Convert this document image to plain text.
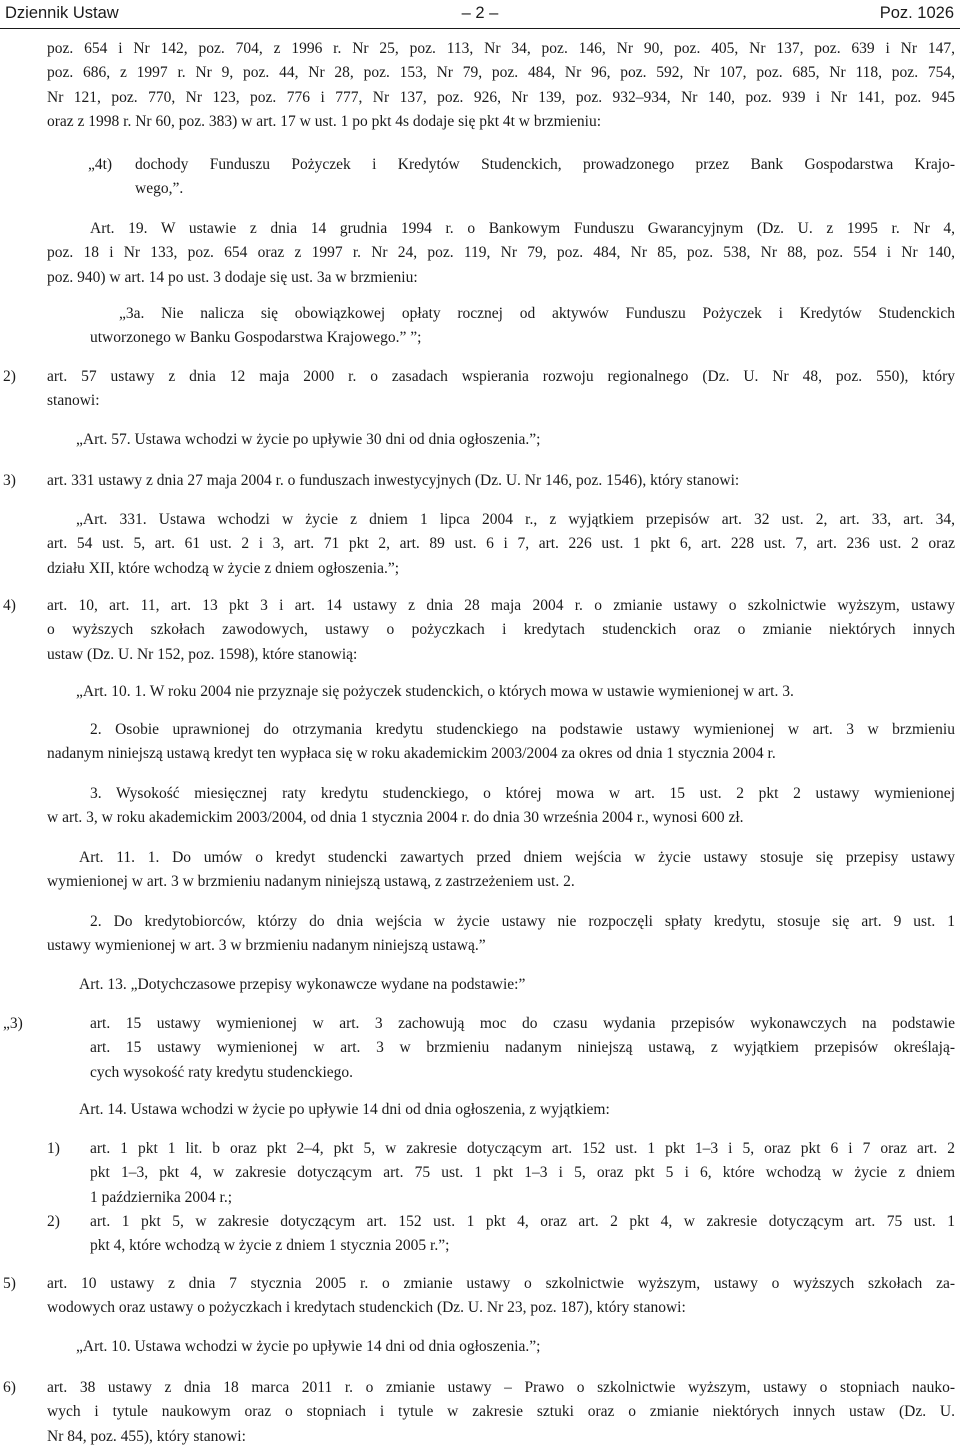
Dziennik Ustaw	– 2 –	Poz. 1026
poz. 654 i Nr 142, poz. 704, z 1996 r. Nr 25, poz. 113, Nr 34, poz. 146, Nr 90, poz. 405, Nr 137, poz. 639 i Nr 147,
poz. 686, z 1997 r. Nr 9, poz. 44, Nr 28, poz. 153, Nr 79, poz. 484, Nr 96, poz. 592, Nr 107, poz. 685, Nr 118, poz. 754,
Nr 121, poz. 770, Nr 123, poz. 776 i 777, Nr 137, poz. 926, Nr 139, poz. 932–934, Nr 140, poz. 939 i Nr 141, poz. 945
oraz z 1998 r. Nr 60, poz. 383) w art. 17 w ust. 1 po pkt 4s dodaje się pkt 4t w brzmieniu:
„4t) dochody Funduszu Pożyczek i Kredytów Studenckich, prowadzonego przez Bank Gospodarstwa Krajo-
wego,”.
Art. 19. W ustawie z dnia 14 grudnia 1994 r. o Bankowym Funduszu Gwarancyjnym (Dz. U. z 1995 r. Nr 4,
poz. 18 i Nr 133, poz. 654 oraz z 1997 r. Nr 24, poz. 119, Nr 79, poz. 484, Nr 85, poz. 538, Nr 88, poz. 554 i Nr 140,
poz. 940) w art. 14 po ust. 3 dodaje się ust. 3a w brzmieniu:
„3a. Nie nalicza się obowiązkowej opłaty rocznej od aktywów Funduszu Pożyczek i Kredytów Studenckich
utworzonego w Banku Gospodarstwa Krajowego.” ”;
2) art. 57 ustawy z dnia 12 maja 2000 r. o zasadach wspierania rozwoju regionalnego (Dz. U. Nr 48, poz. 550), który
stanowi:
„Art. 57. Ustawa wchodzi w życie po upływie 30 dni od dnia ogłoszenia.”;
3) art. 331 ustawy z dnia 27 maja 2004 r. o funduszach inwestycyjnych (Dz. U. Nr 146, poz. 1546), który stanowi:
„Art. 331. Ustawa wchodzi w życie z dniem 1 lipca 2004 r., z wyjątkiem przepisów art. 32 ust. 2, art. 33, art. 34,
art. 54 ust. 5, art. 61 ust. 2 i 3, art. 71 pkt 2, art. 89 ust. 6 i 7, art. 226 ust. 1 pkt 6, art. 228 ust. 7, art. 236 ust. 2 oraz
działu XII, które wchodzą w życie z dniem ogłoszenia.”;
4) art. 10, art. 11, art. 13 pkt 3 i art. 14 ustawy z dnia 28 maja 2004 r. o zmianie ustawy o szkolnictwie wyższym, ustawy
o wyższych szkołach zawodowych, ustawy o pożyczkach i kredytach studenckich oraz o zmianie niektórych innych
ustaw (Dz. U. Nr 152, poz. 1598), które stanowią:
„Art. 10. 1. W roku 2004 nie przyznaje się pożyczek studenckich, o których mowa w ustawie wymienionej w art. 3.
2. Osobie uprawnionej do otrzymania kredytu studenckiego na podstawie ustawy wymienionej w art. 3 w brzmieniu
nadanym niniejszą ustawą kredyt ten wypłaca się w roku akademickim 2003/2004 za okres od dnia 1 stycznia 2004 r.
3. Wysokość miesięcznej raty kredytu studenckiego, o której mowa w art. 15 ust. 2 pkt 2 ustawy wymienionej
w art. 3, w roku akademickim 2003/2004, od dnia 1 stycznia 2004 r. do dnia 30 września 2004 r., wynosi 600 zł.
Art. 11. 1. Do umów o kredyt studencki zawartych przed dniem wejścia w życie ustawy stosuje się przepisy ustawy
wymienionej w art. 3 w brzmieniu nadanym niniejszą ustawą, z zastrzeżeniem ust. 2.
2. Do kredytobiorców, którzy do dnia wejścia w życie ustawy nie rozpoczęli spłaty kredytu, stosuje się art. 9 ust. 1
ustawy wymienionej w art. 3 w brzmieniu nadanym niniejszą ustawą.”
Art. 13. „Dotychczasowe przepisy wykonawcze wydane na podstawie:”
„3)	art. 15 ustawy wymienionej w art. 3 zachowują moc do czasu wydania przepisów wykonawczych na podstawie
art. 15 ustawy wymienionej w art. 3 w brzmieniu nadanym niniejszą ustawą, z wyjątkiem przepisów określają-
cych wysokość raty kredytu studenckiego.
Art. 14. Ustawa wchodzi w życie po upływie 14 dni od dnia ogłoszenia, z wyjątkiem:
1) art. 1 pkt 1 lit. b oraz pkt 2–4, pkt 5, w zakresie dotyczącym art. 152 ust. 1 pkt 1–3 i 5, oraz pkt 6 i 7 oraz art. 2
pkt 1–3, pkt 4, w zakresie dotyczącym art. 75 ust. 1 pkt 1–3 i 5, oraz pkt 5 i 6, które wchodzą w życie z dniem
1 października 2004 r.;
2) art. 1 pkt 5, w zakresie dotyczącym art. 152 ust. 1 pkt 4, oraz art. 2 pkt 4, w zakresie dotyczącym art. 75 ust. 1
pkt 4, które wchodzą w życie z dniem 1 stycznia 2005 r.”;
5) art. 10 ustawy z dnia 7 stycznia 2005 r. o zmianie ustawy o szkolnictwie wyższym, ustawy o wyższych szkołach za-
wodowych oraz ustawy o pożyczkach i kredytach studenckich (Dz. U. Nr 23, poz. 187), który stanowi:
„Art. 10. Ustawa wchodzi w życie po upływie 14 dni od dnia ogłoszenia.”;
6) art. 38 ustawy z dnia 18 marca 2011 r. o zmianie ustawy – Prawo o szkolnictwie wyższym, ustawy o stopniach nauko-
wych i tytule naukowym oraz o stopniach i tytule w zakresie sztuki oraz o zmianie niektórych innych ustaw (Dz. U.
Nr 84, poz. 455), który stanowi:
